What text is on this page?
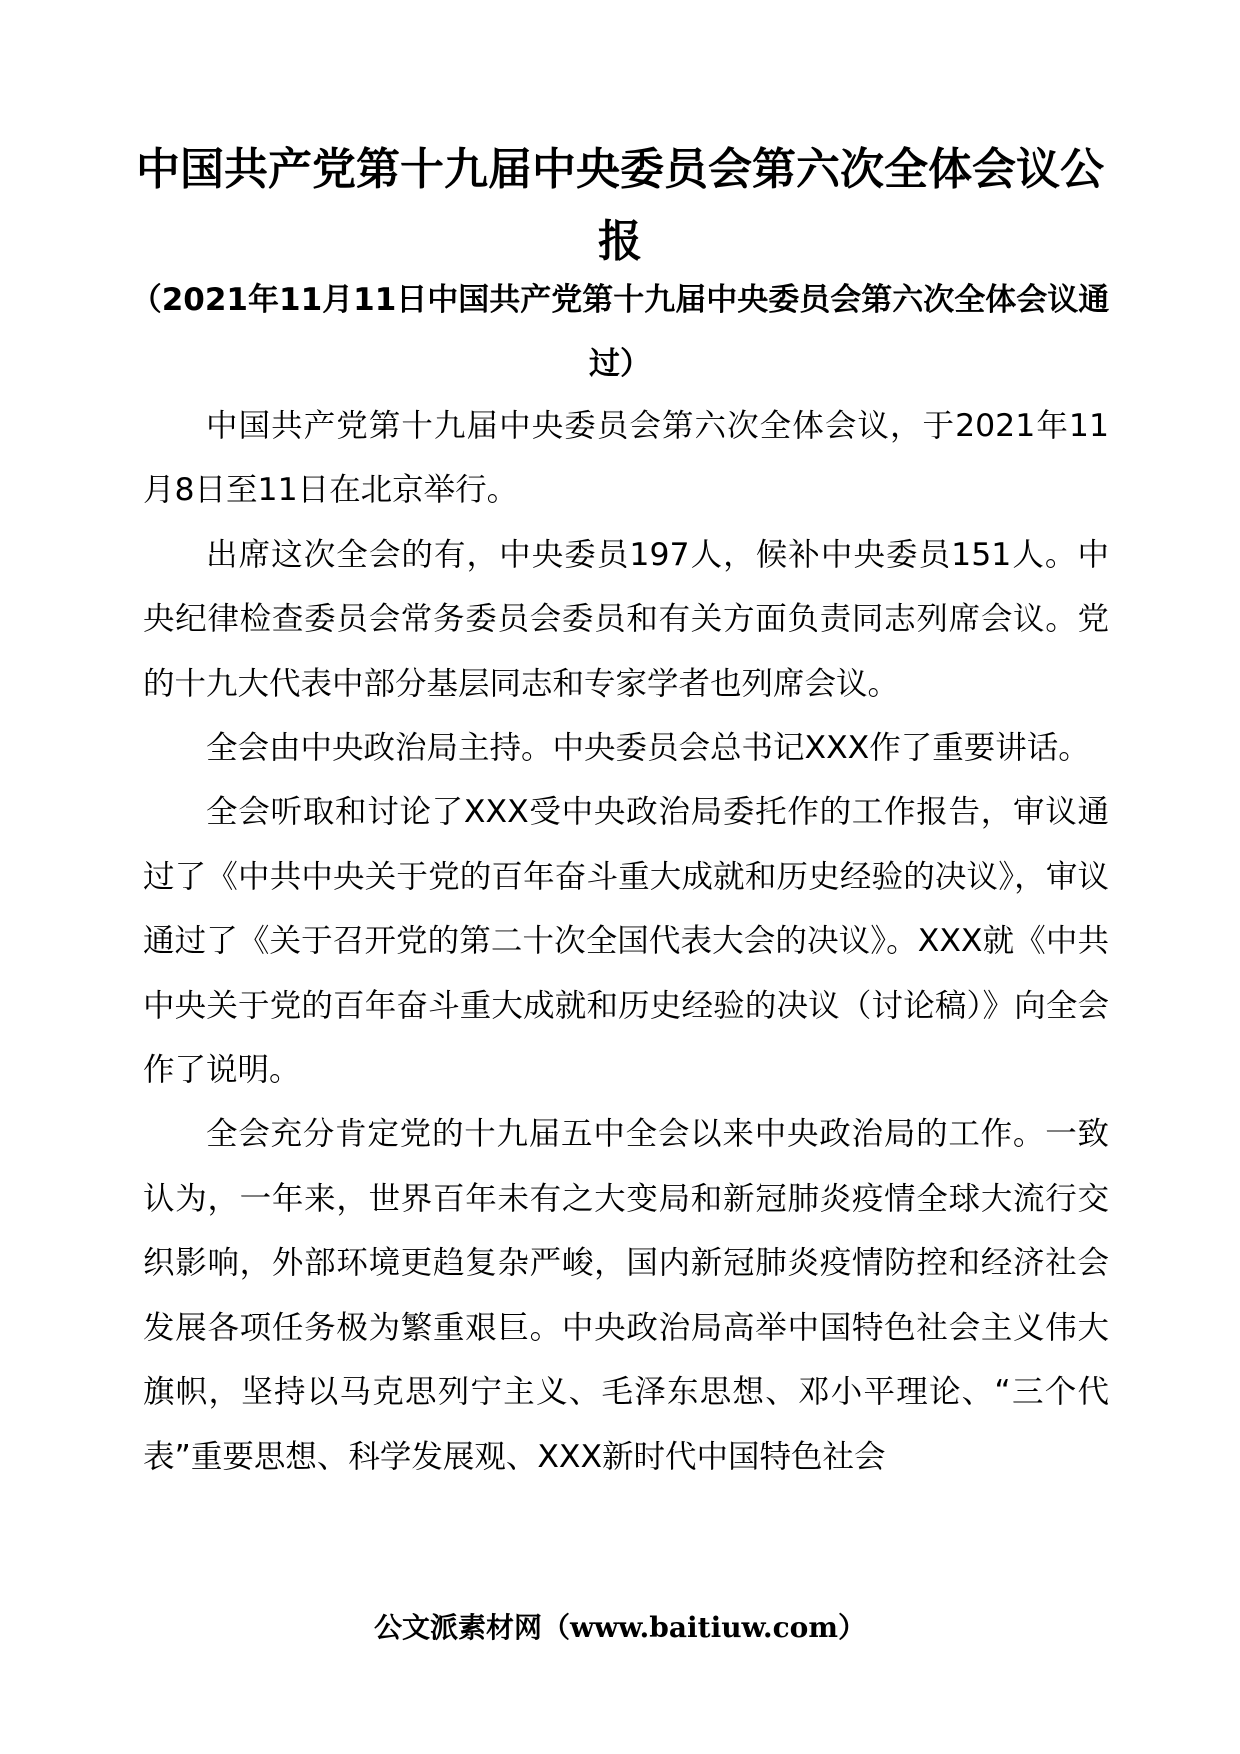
中国共产党第十九届中央委员会第六次全体会议公报
（2021年11月11日中国共产党第十九届中央委员会第六次全体会议通过）

中国共产党第十九届中央委员会第六次全体会议，于2021年11月8日至11日在北京举行。

出席这次全会的有，中央委员197人，候补中央委员151人。中央纪律检查委员会常务委员会委员和有关方面负责同志列席会议。党的十九大代表中部分基层同志和专家学者也列席会议。

全会由中央政治局主持。中央委员会总书记XXX作了重要讲话。

全会听取和讨论了XXX受中央政治局委托作的工作报告，审议通过了《中共中央关于党的百年奋斗重大成就和历史经验的决议》，审议通过了《关于召开党的第二十次全国代表大会的决议》。XXX就《中共中央关于党的百年奋斗重大成就和历史经验的决议（讨论稿）》向全会作了说明。

全会充分肯定党的十九届五中全会以来中央政治局的工作。一致认为，一年来，世界百年未有之大变局和新冠肺炎疫情全球大流行交织影响，外部环境更趋复杂严峻，国内新冠肺炎疫情防控和经济社会发展各项任务极为繁重艰巨。中央政治局高举中国特色社会主义伟大旗帜，坚持以马克思列宁主义、毛泽东思想、邓小平理论、“三个代表”重要思想、科学发展观、XXX新时代中国特色社会

公文派素材网（www.baitiuw.com）
